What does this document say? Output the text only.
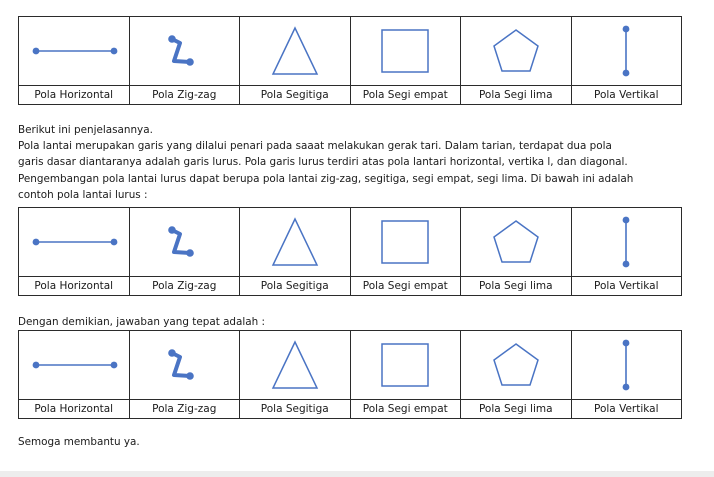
Pola Horizontal	Pola Zig-zag	Pola Segitiga	Pola Segi empat	Pola Segi lima	Pola Vertikal
Berikut ini penjelasannya.
Pola lantai merupakan garis yang dilalui penari pada saaat melakukan gerak tari. Dalam tarian, terdapat dua pola
garis dasar diantaranya adalah garis lurus. Pola garis lurus terdiri atas pola lantari horizontal, vertika l, dan diagonal.
Pengembangan pola lantai lurus dapat berupa pola lantai zig-zag, segitiga, segi empat, segi lima. Di bawah ini adalah
contoh pola lantai lurus :

Pola Horizontal	Pola Zig-zag	Pola Segitiga	Pola Segi empat	Pola Segi lima	Pola Vertikal

Dengan demikian, jawaban yang tepat adalah :

Pola Horizontal	Pola Zig-zag	Pola Segitiga	Pola Segi empat	Pola Segi lima	Pola Vertikal

Semoga membantu ya.
